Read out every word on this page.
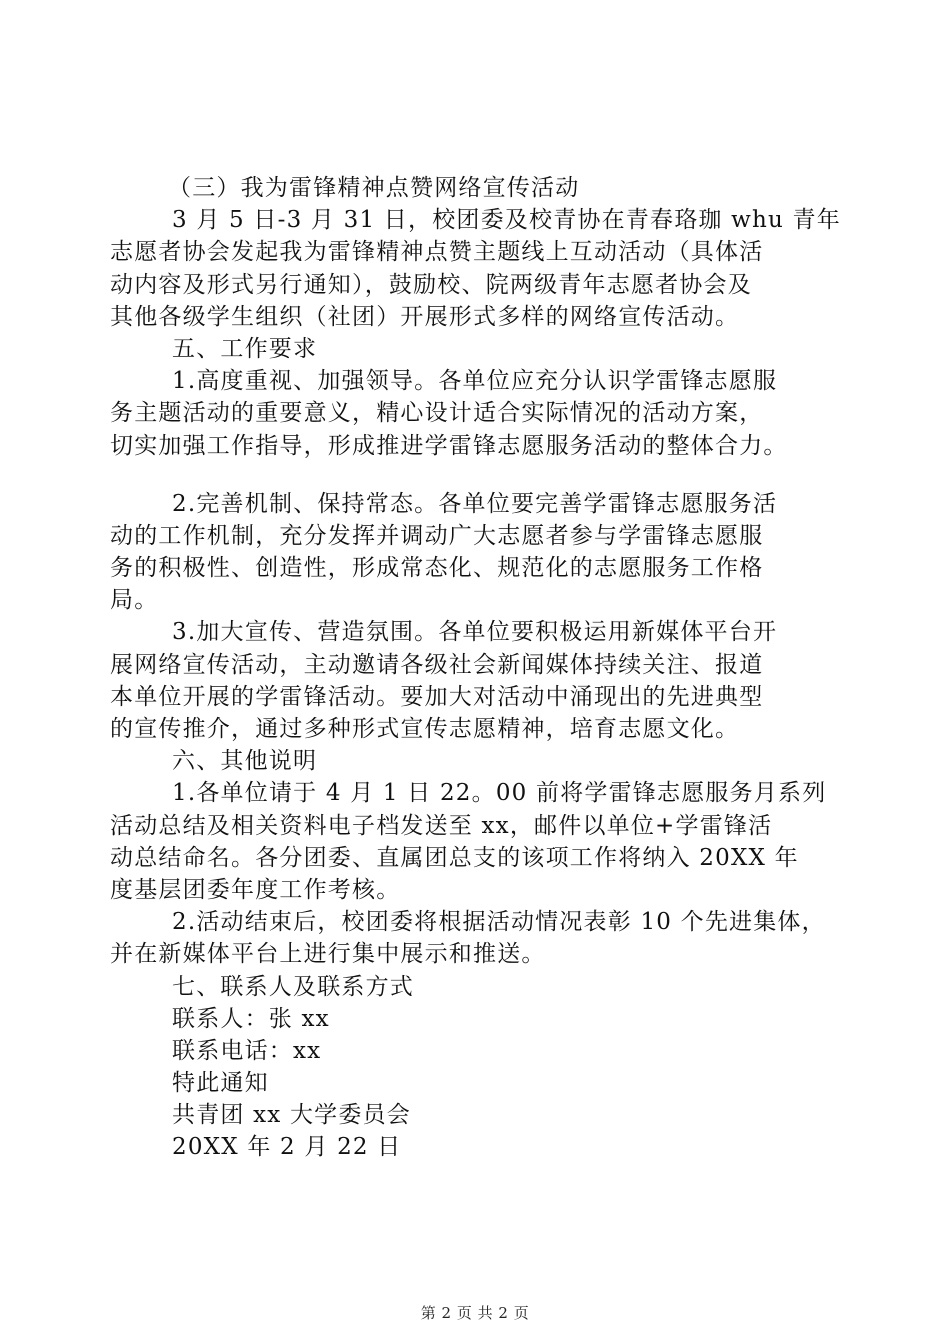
（三）我为雷锋精神点赞网络宣传活动
3 月 5 日-3 月 31 日，校团委及校青协在青春珞珈 whu 青年
志愿者协会发起我为雷锋精神点赞主题线上互动活动（具体活
动内容及形式另行通知），鼓励校、院两级青年志愿者协会及
其他各级学生组织（社团）开展形式多样的网络宣传活动。
五、工作要求
1.高度重视、加强领导。各单位应充分认识学雷锋志愿服
务主题活动的重要意义，精心设计适合实际情况的活动方案，
切实加强工作指导，形成推进学雷锋志愿服务活动的整体合力。
2.完善机制、保持常态。各单位要完善学雷锋志愿服务活
动的工作机制，充分发挥并调动广大志愿者参与学雷锋志愿服
务的积极性、创造性，形成常态化、规范化的志愿服务工作格
局。
3.加大宣传、营造氛围。各单位要积极运用新媒体平台开
展网络宣传活动，主动邀请各级社会新闻媒体持续关注、报道
本单位开展的学雷锋活动。要加大对活动中涌现出的先进典型
的宣传推介，通过多种形式宣传志愿精神，培育志愿文化。
六、其他说明
1.各单位请于 4 月 1 日 22。00 前将学雷锋志愿服务月系列
活动总结及相关资料电子档发送至 xx，邮件以单位+学雷锋活
动总结命名。各分团委、直属团总支的该项工作将纳入 20XX 年
度基层团委年度工作考核。
2.活动结束后，校团委将根据活动情况表彰 10 个先进集体，
并在新媒体平台上进行集中展示和推送。
七、联系人及联系方式
联系人：张 xx
联系电话：xx
特此通知
共青团 xx 大学委员会
20XX 年 2 月 22 日
第 2 页 共 2 页
